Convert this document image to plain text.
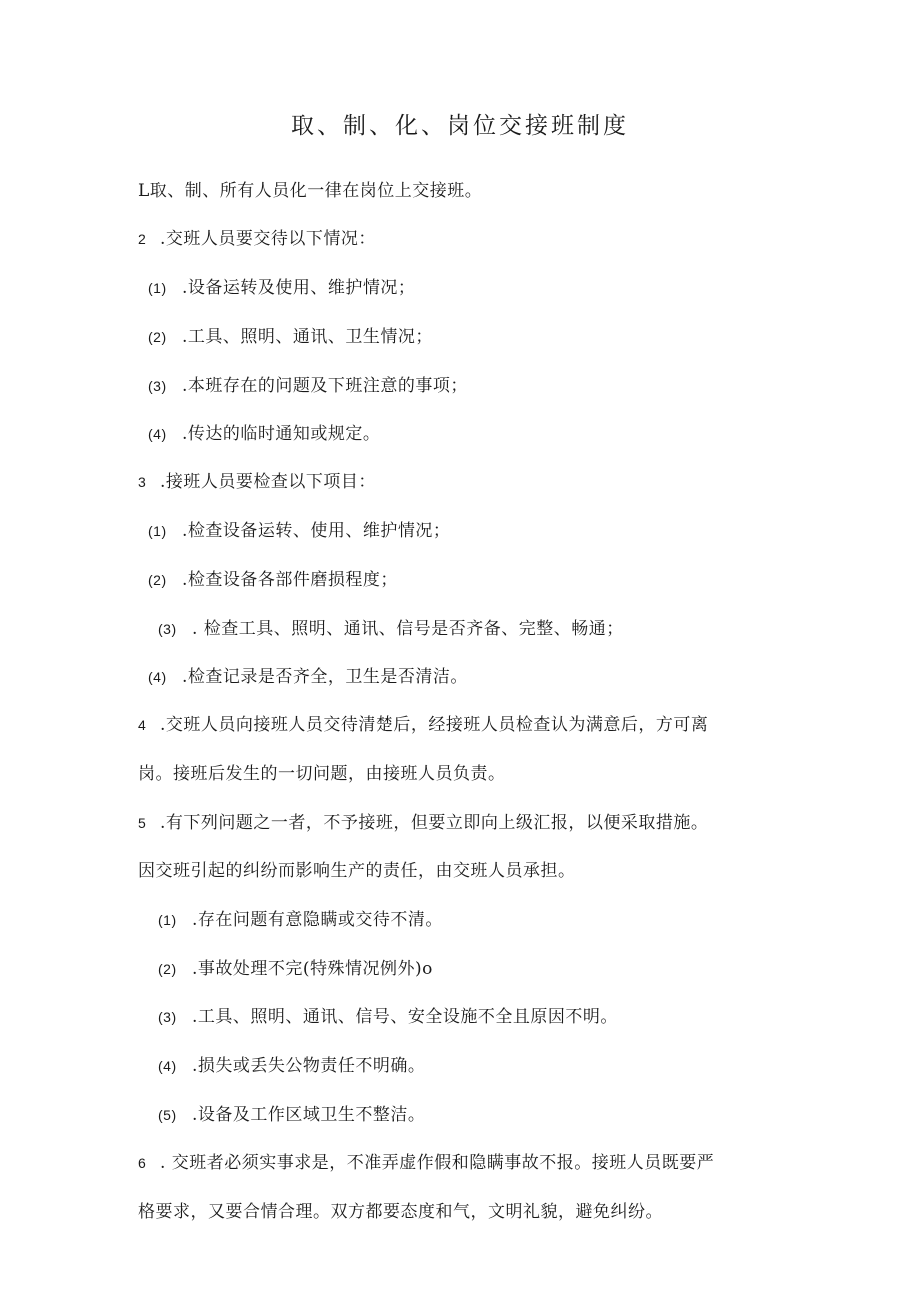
取、制、化、岗位交接班制度
L取、制、所有人员化一律在岗位上交接班。
2 .交班人员要交待以下情况：
(1) .设备运转及使用、维护情况；
(2) .工具、照明、通讯、卫生情况；
(3) .本班存在的问题及下班注意的事项；
(4) .传达的临时通知或规定。
3 .接班人员要检查以下项目：
(1) .检查设备运转、使用、维护情况；
(2) .检查设备各部件磨损程度；
(3) . 检查工具、照明、通讯、信号是否齐备、完整、畅通；
(4) .检查记录是否齐全，卫生是否清洁。
4 .交班人员向接班人员交待清楚后，经接班人员检查认为满意后，方可离
岗。接班后发生的一切问题，由接班人员负责。
5 .有下列问题之一者，不予接班，但要立即向上级汇报，以便采取措施。
因交班引起的纠纷而影响生产的责任，由交班人员承担。
(1) .存在问题有意隐瞒或交待不清。
(2) .事故处理不完(特殊情况例外)o
(3) .工具、照明、通讯、信号、安全设施不全且原因不明。
(4) .损失或丢失公物责任不明确。
(5) .设备及工作区域卫生不整洁。
6 . 交班者必须实事求是，不准弄虚作假和隐瞒事故不报。接班人员既要严
格要求，又要合情合理。双方都要态度和气，文明礼貌，避免纠纷。
